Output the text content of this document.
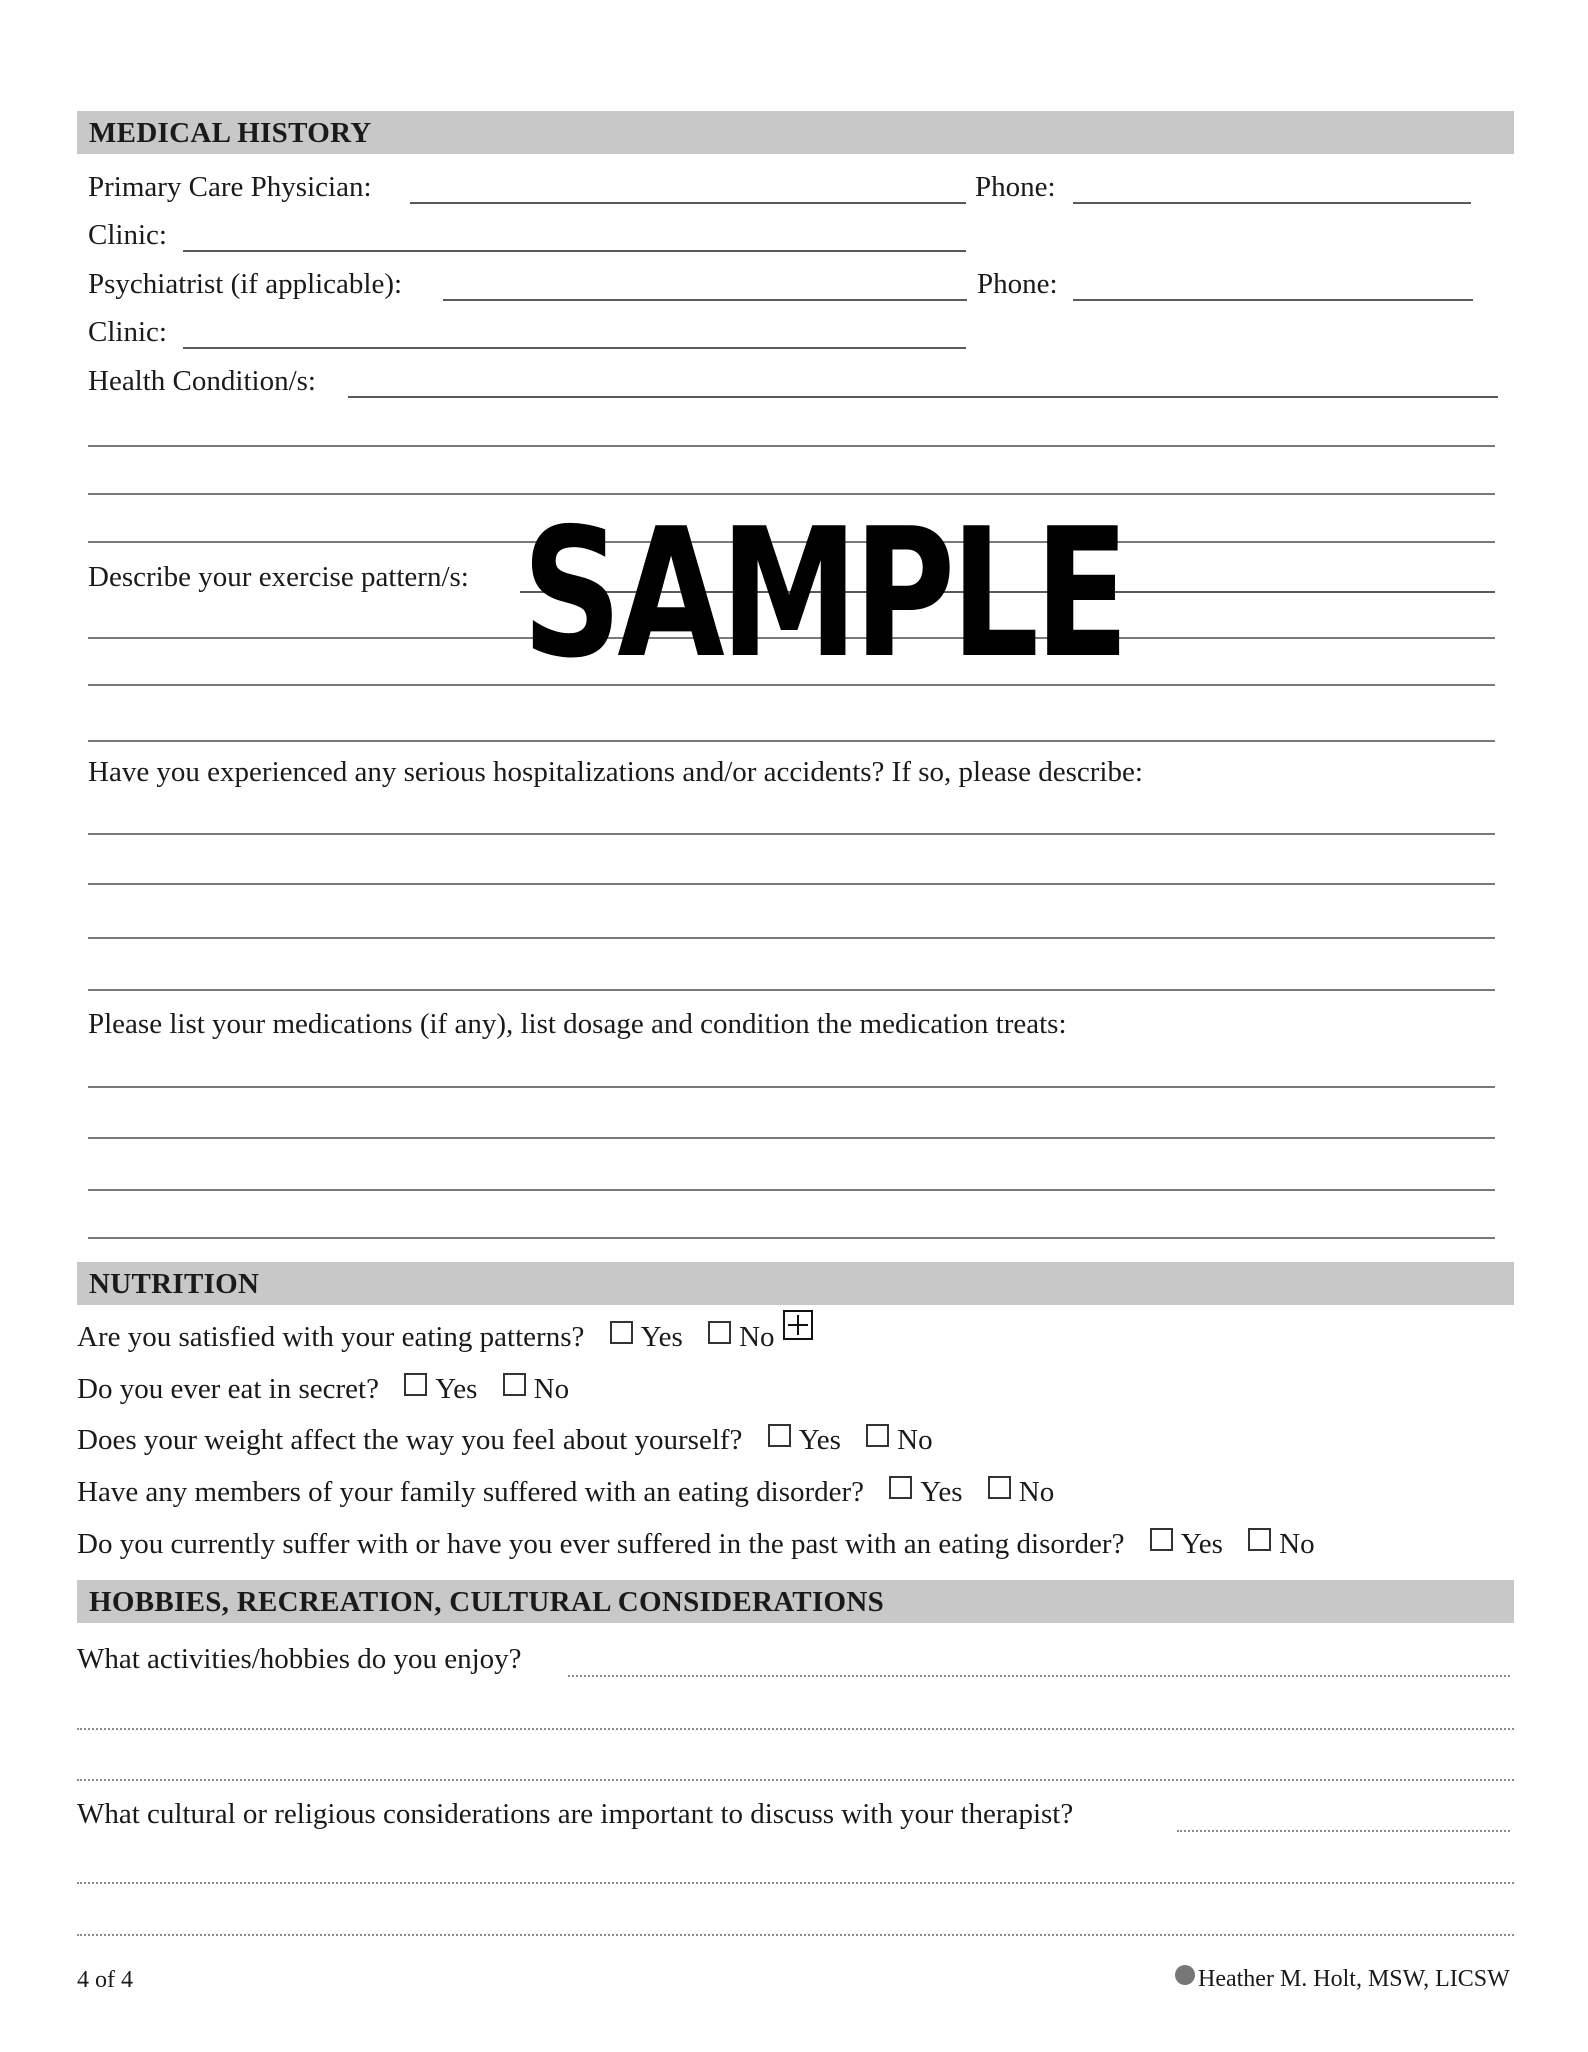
MEDICAL HISTORY
Primary Care Physician:	Phone:
Clinic:
Psychiatrist (if applicable):	Phone:
Clinic:
Health Condition/s:
Describe your exercise pattern/s:
Have you experienced any serious hospitalizations and/or accidents? If so, please describe:
Please list your medications (if any), list dosage and condition the medication treats:
SAMPLE
NUTRITION
Are you satisfied with your eating patterns? Yes No
Do you ever eat in secret? Yes No
Does your weight affect the way you feel about yourself? Yes No
Have any members of your family suffered with an eating disorder? Yes No
Do you currently suffer with or have you ever suffered in the past with an eating disorder? Yes No
HOBBIES, RECREATION, CULTURAL CONSIDERATIONS
What activities/hobbies do you enjoy?
What cultural or religious considerations are important to discuss with your therapist?
4 of 4	Heather M. Holt, MSW, LICSW
